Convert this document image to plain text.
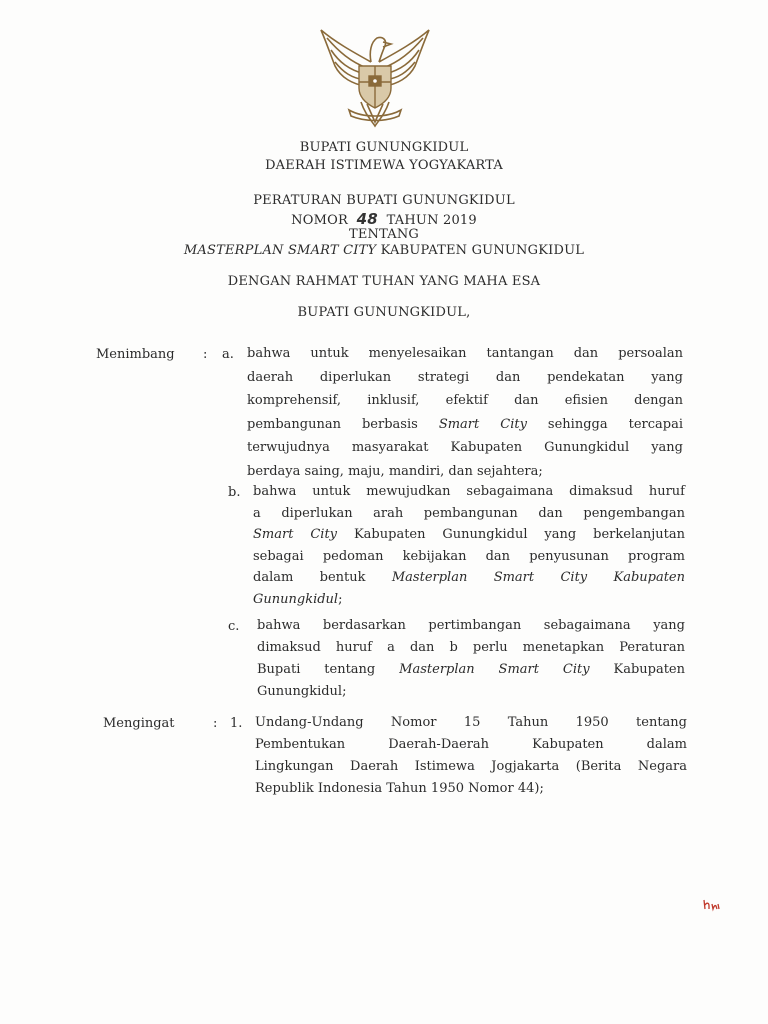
BUPATI GUNUNGKIDUL
DAERAH ISTIMEWA YOGYAKARTA
PERATURAN BUPATI GUNUNGKIDUL
NOMOR 48 TAHUN 2019
TENTANG
MASTERPLAN SMART CITY KABUPATEN GUNUNGKIDUL
DENGAN RAHMAT TUHAN YANG MAHA ESA
BUPATI GUNUNGKIDUL,
Menimbang : a. bahwa untuk menyelesaikan tantangan dan persoalan
daerah diperlukan strategi dan pendekatan yang
komprehensif, inklusif, efektif dan efisien dengan
pembangunan berbasis Smart City sehingga tercapai
terwujudnya masyarakat Kabupaten Gunungkidul yang
berdaya saing, maju, mandiri, dan sejahtera;
b. bahwa untuk mewujudkan sebagaimana dimaksud huruf
a diperlukan arah pembangunan dan pengembangan
Smart City Kabupaten Gunungkidul yang berkelanjutan
sebagai pedoman kebijakan dan penyusunan program
dalam bentuk Masterplan Smart City Kabupaten
Gunungkidul;
c. bahwa berdasarkan pertimbangan sebagaimana yang
dimaksud huruf a dan b perlu menetapkan Peraturan
Bupati tentang Masterplan Smart City Kabupaten
Gunungkidul;
Mengingat	: 1. Undang-Undang Nomor 15 Tahun 1950 tentang
Pembentukan Daerah-Daerah Kabupaten dalam
Lingkungan Daerah Istimewa Jogjakarta (Berita Negara
Republik Indonesia Tahun 1950 Nomor 44);
